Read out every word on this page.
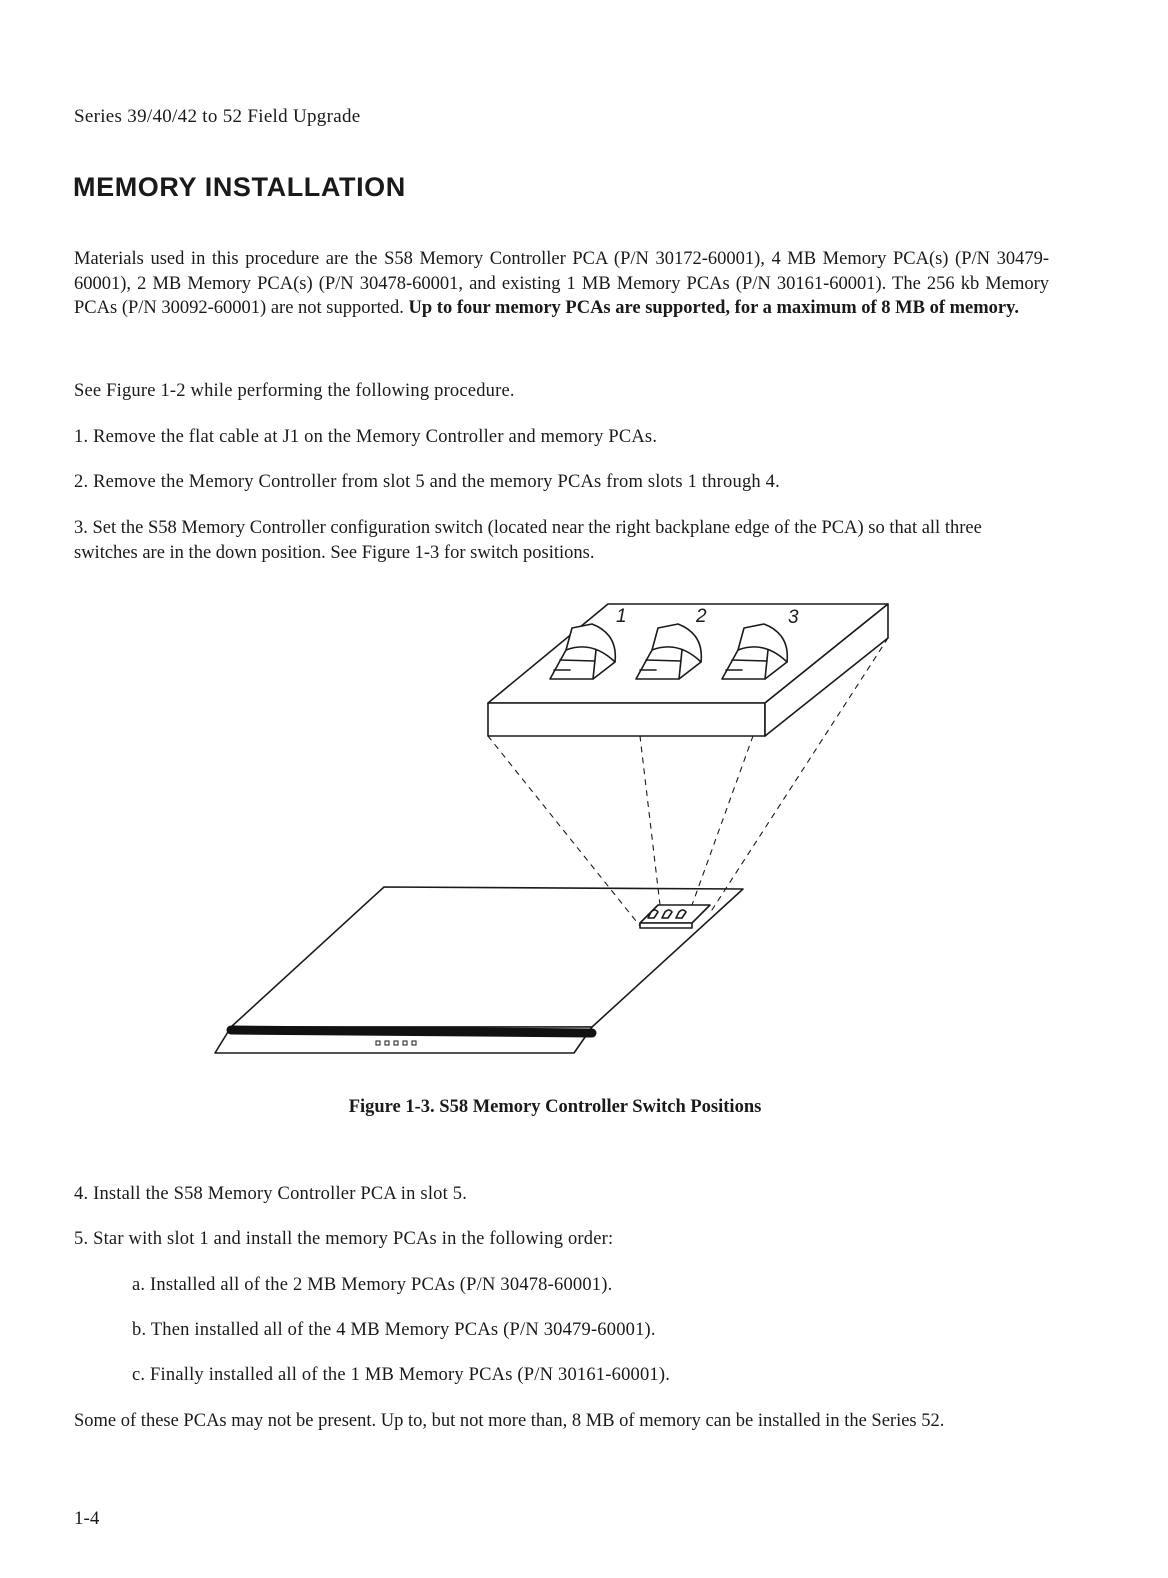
Series 39/40/42 to 52 Field Upgrade
MEMORY INSTALLATION

Materials used in this procedure are the S58 Memory Controller PCA (P/N 30172-60001), 4 MB Memory PCA(s) (P/N 30479-60001), 2 MB Memory PCA(s) (P/N 30478-60001, and existing 1 MB Memory PCAs (P/N 30161-60001). The 256 kb Memory PCAs (P/N 30092-60001) are not supported. Up to four memory PCAs are supported, for a maximum of 8 MB of memory.

See Figure 1-2 while performing the following procedure.

1. Remove the flat cable at J1 on the Memory Controller and memory PCAs.

2. Remove the Memory Controller from slot 5 and the memory PCAs from slots 1 through 4.

3. Set the S58 Memory Controller configuration switch (located near the right backplane edge of the PCA) so that all three switches are in the down position. See Figure 1-3 for switch positions.

1	2	3

Figure 1-3. S58 Memory Controller Switch Positions

4. Install the S58 Memory Controller PCA in slot 5.

5. Star with slot 1 and install the memory PCAs in the following order:

a. Installed all of the 2 MB Memory PCAs (P/N 30478-60001).

b. Then installed all of the 4 MB Memory PCAs (P/N 30479-60001).

c. Finally installed all of the 1 MB Memory PCAs (P/N 30161-60001).

Some of these PCAs may not be present. Up to, but not more than, 8 MB of memory can be installed in the Series 52.

1-4
